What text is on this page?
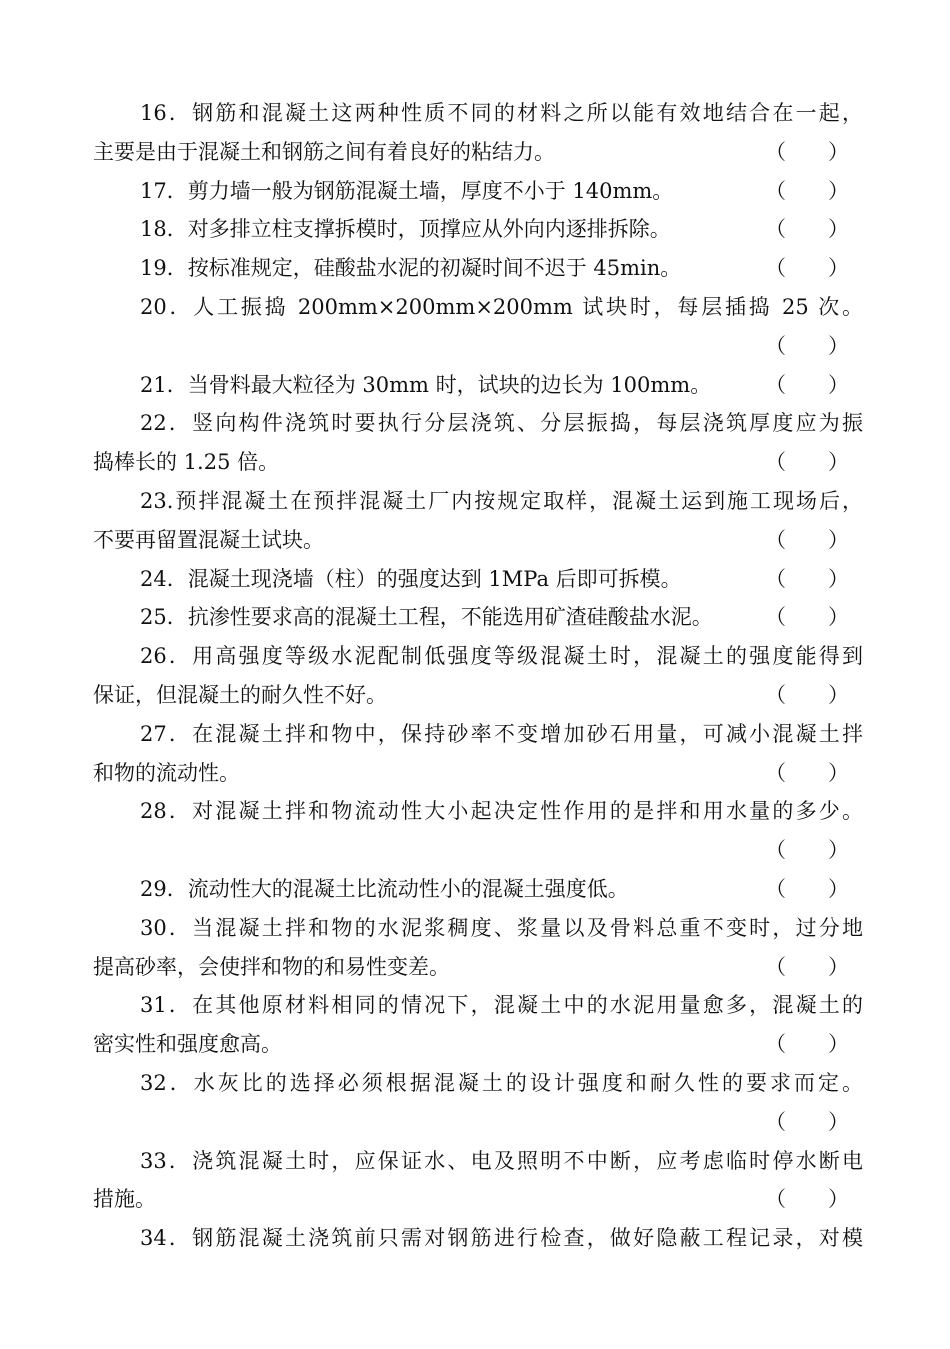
16．钢筋和混凝土这两种性质不同的材料之所以能有效地结合在一起，
主要是由于混凝土和钢筋之间有着良好的粘结力。	（　　）
17．剪力墙一般为钢筋混凝土墙，厚度不小于 140mm。	（　　）
18．对多排立柱支撑拆模时，顶撑应从外向内逐排拆除。	（　　）
19．按标准规定，硅酸盐水泥的初凝时间不迟于 45min。	（　　）
20．人工振捣 200mm×200mm×200mm 试块时，每层插捣 25 次。
（　　）
21．当骨料最大粒径为 30mm 时，试块的边长为 100mm。	（　　）
22．竖向构件浇筑时要执行分层浇筑、分层振捣，每层浇筑厚度应为振
捣棒长的 1.25 倍。	（　　）
23.预拌混凝土在预拌混凝土厂内按规定取样，混凝土运到施工现场后，
不要再留置混凝土试块。	（　　）
24．混凝土现浇墙（柱）的强度达到 1MPa 后即可拆模。	（　　）
25．抗渗性要求高的混凝土工程，不能选用矿渣硅酸盐水泥。 （　　）
26．用高强度等级水泥配制低强度等级混凝土时，混凝土的强度能得到
保证，但混凝土的耐久性不好。	（　　）
27．在混凝土拌和物中，保持砂率不变增加砂石用量，可减小混凝土拌
和物的流动性。	（　　）
28．对混凝土拌和物流动性大小起决定性作用的是拌和用水量的多少。
（　　）
29．流动性大的混凝土比流动性小的混凝土强度低。	（　　）
30．当混凝土拌和物的水泥浆稠度、浆量以及骨料总重不变时，过分地
提高砂率，会使拌和物的和易性变差。	（　　）
31．在其他原材料相同的情况下，混凝土中的水泥用量愈多，混凝土的
密实性和强度愈高。	（　　）
32．水灰比的选择必须根据混凝土的设计强度和耐久性的要求而定。
（　　）
33．浇筑混凝土时，应保证水、电及照明不中断，应考虑临时停水断电
措施。	（　　）
34．钢筋混凝土浇筑前只需对钢筋进行检查，做好隐蔽工程记录，对模
